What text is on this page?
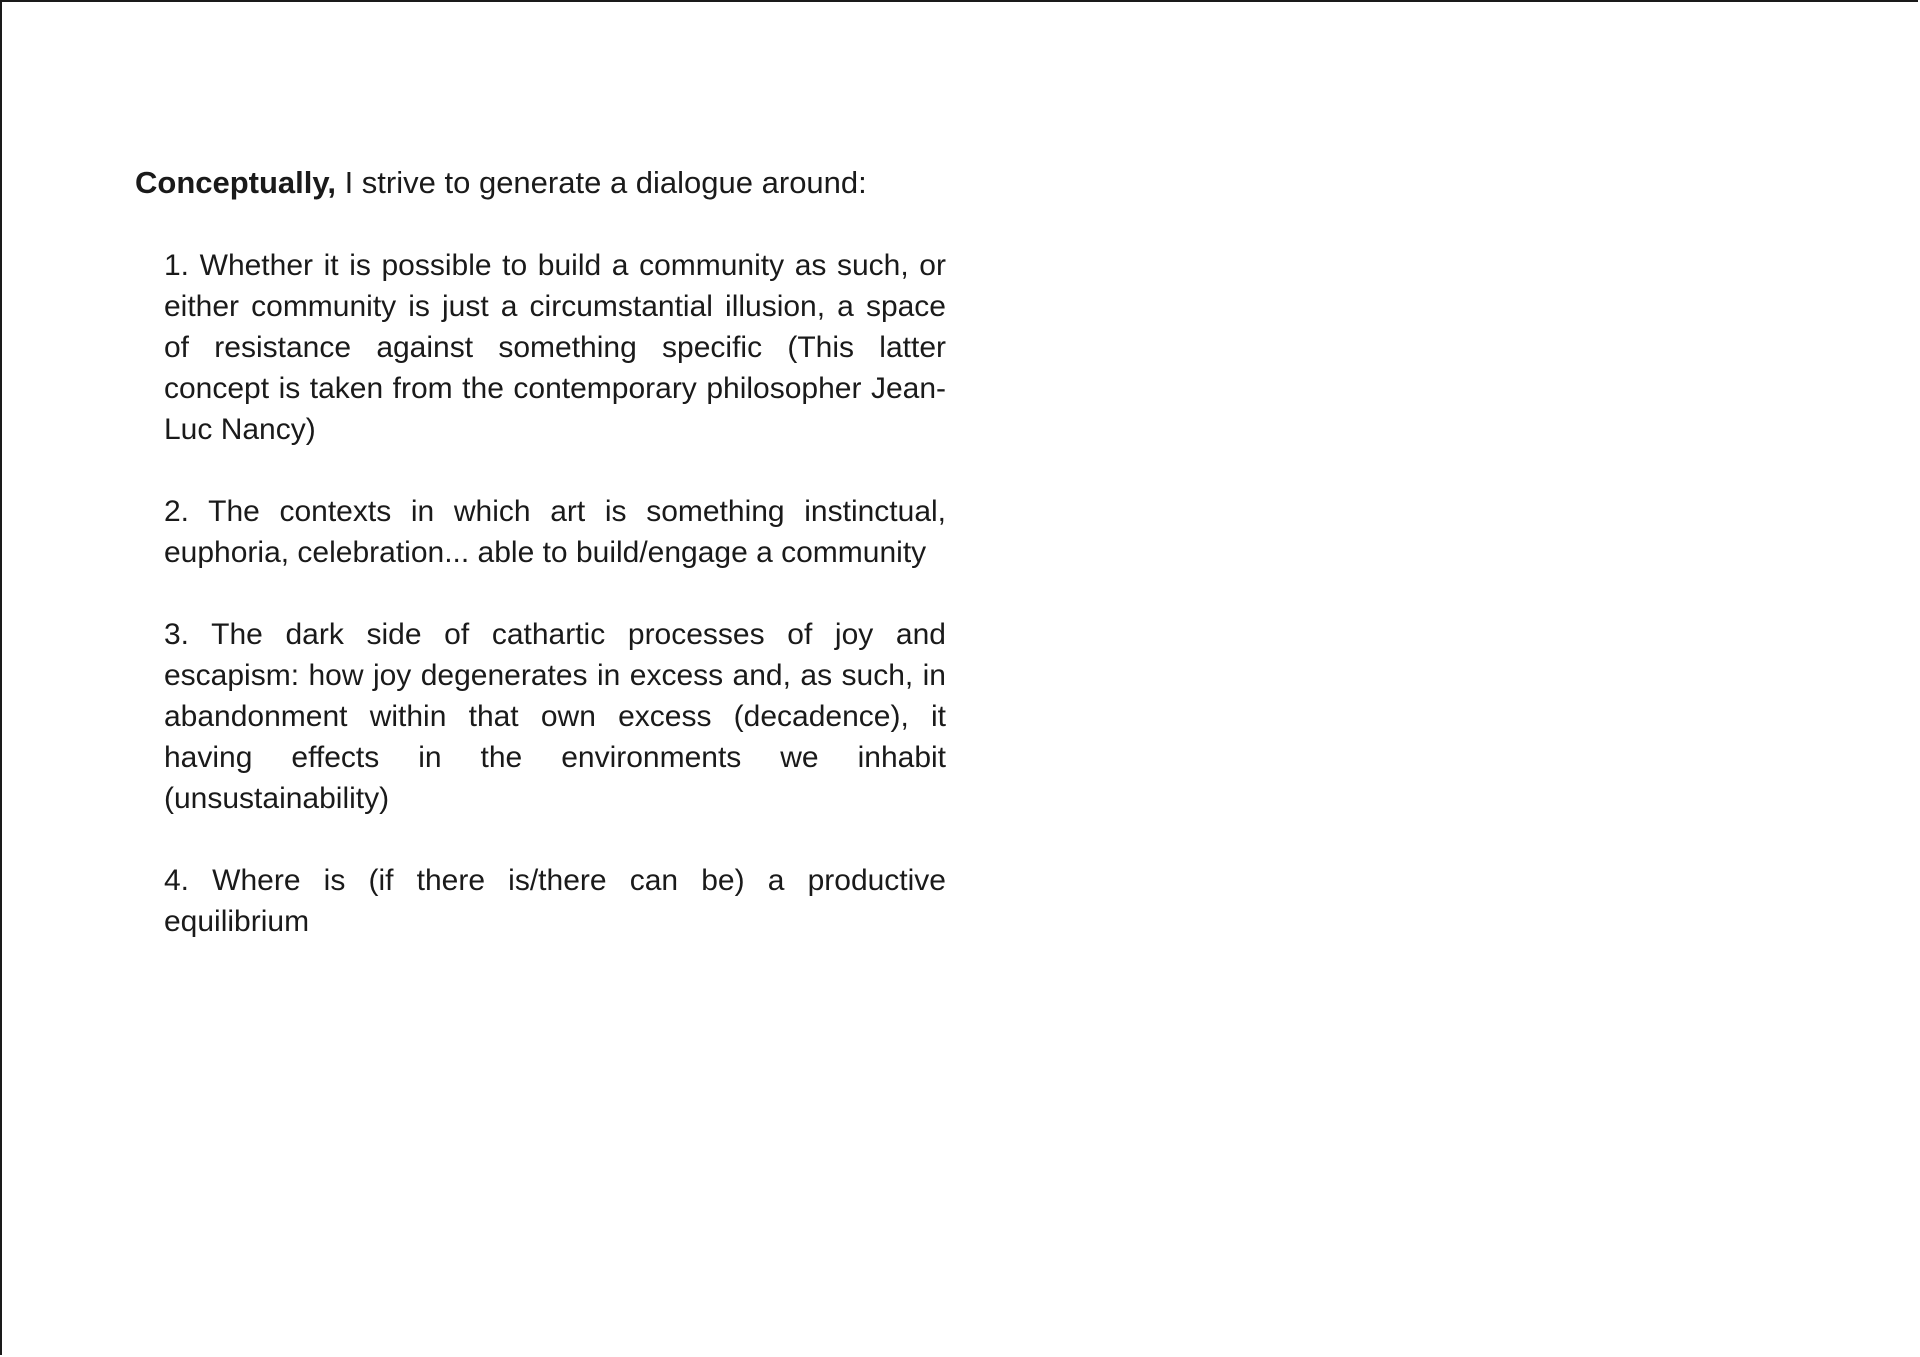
Conceptually, I strive to generate a dialogue around:

1. Whether it is possible to build a community as such, or either community is just a circumstantial illusion, a space of resistance against something specific (This latter concept is taken from the contemporary philosopher Jean-Luc Nancy)
2. The contexts in which art is something instinctual, euphoria, celebration... able to build/engage a community
3. The dark side of cathartic processes of joy and escapism: how joy degenerates in excess and, as such, in abandonment within that own excess (decadence), it having effects in the environments we inhabit (unsustainability)
4. Where is (if there is/there can be) a productive equilibrium
